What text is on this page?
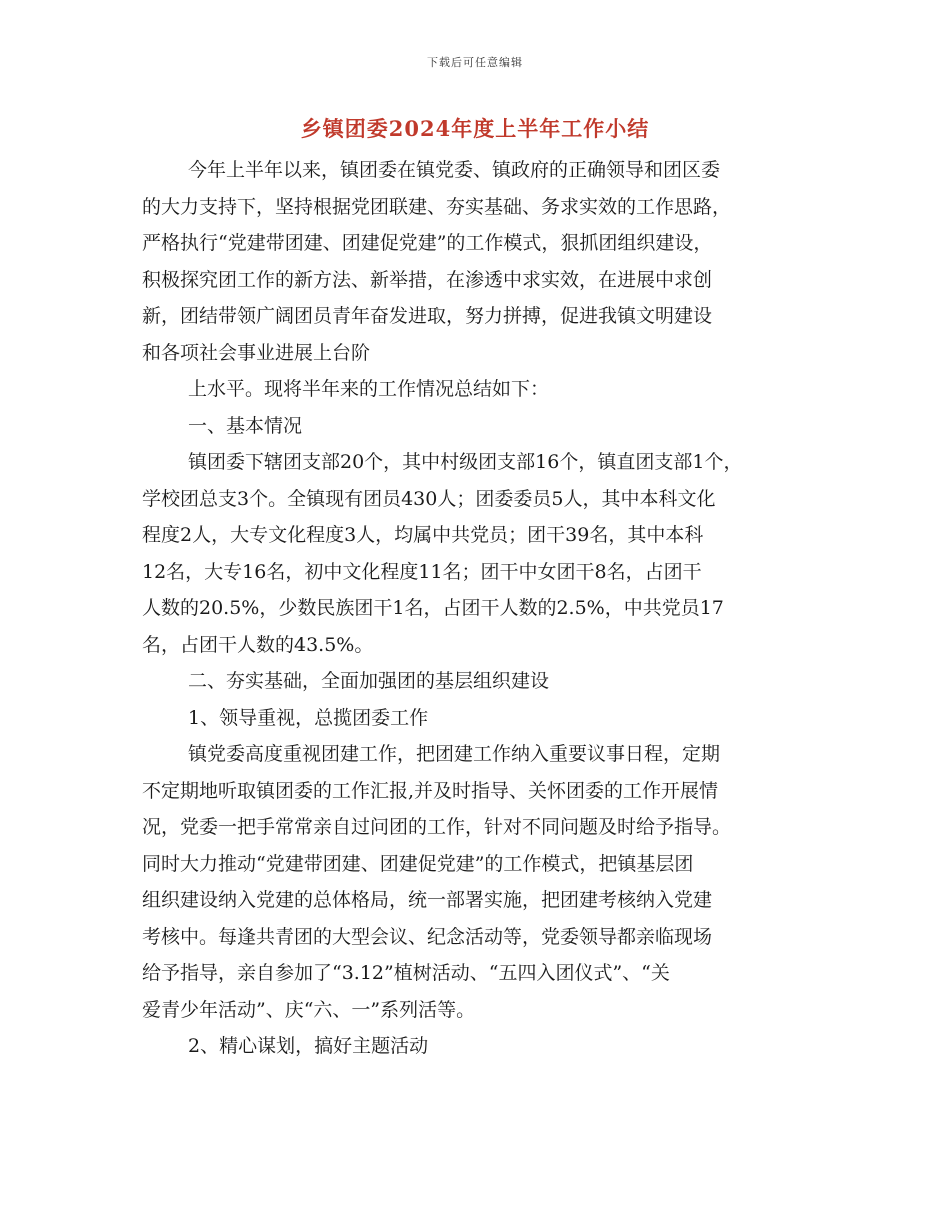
下载后可任意编辑
乡镇团委2024年度上半年工作小结

今年上半年以来，镇团委在镇党委、镇政府的正确领导和团区委

的大力支持下，坚持根据党团联建、夯实基础、务求实效的工作思路，

严格执行“党建带团建、团建促党建”的工作模式，狠抓团组织建设，

积极探究团工作的新方法、新举措，在渗透中求实效，在进展中求创

新，团结带领广阔团员青年奋发进取，努力拼搏，促进我镇文明建设

和各项社会事业进展上台阶

上水平。现将半年来的工作情况总结如下：

一、基本情况

镇团委下辖团支部20个，其中村级团支部16个，镇直团支部1个，

学校团总支3个。全镇现有团员430人；团委委员5人，其中本科文化

程度2人，大专文化程度3人，均属中共党员；团干39名，其中本科

12名，大专16名，初中文化程度11名；团干中女团干8名，占团干

人数的20.5%，少数民族团干1名，占团干人数的2.5%，中共党员17

名，占团干人数的43.5%。

二、夯实基础，全面加强团的基层组织建设

1、领导重视，总揽团委工作

镇党委高度重视团建工作，把团建工作纳入重要议事日程，定期

不定期地听取镇团委的工作汇报,并及时指导、关怀团委的工作开展情

况，党委一把手常常亲自过问团的工作，针对不同问题及时给予指导。

同时大力推动“党建带团建、团建促党建”的工作模式，把镇基层团

组织建设纳入党建的总体格局，统一部署实施，把团建考核纳入党建

考核中。每逢共青团的大型会议、纪念活动等，党委领导都亲临现场

给予指导，亲自参加了“3.12”植树活动、“五四入团仪式”、“关

爱青少年活动”、庆“六、一”系列活等。

2、精心谋划，搞好主题活动
